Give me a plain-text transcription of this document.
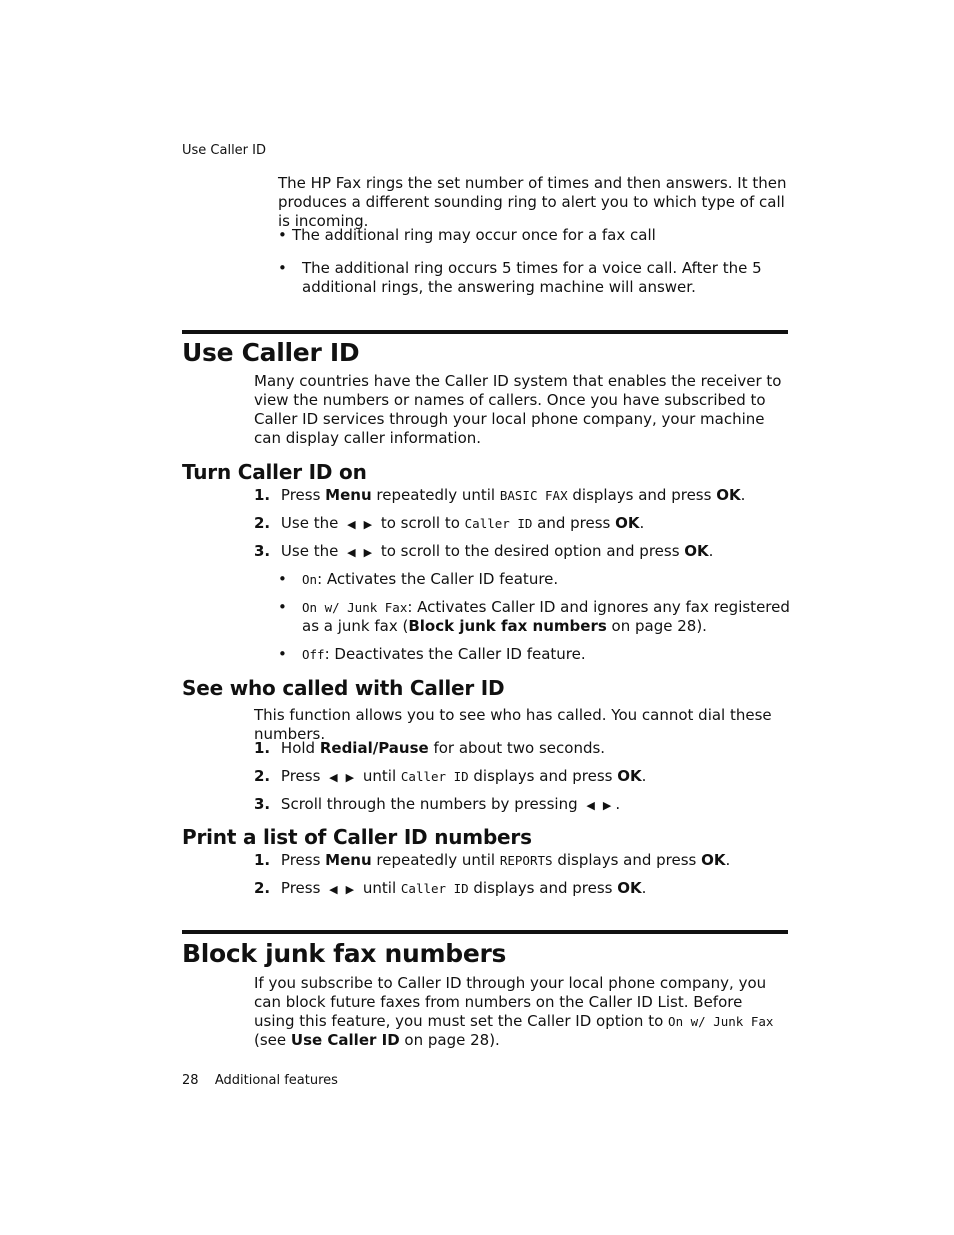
Use Caller ID
The HP Fax rings the set number of times and then answers. It then produces a different sounding ring to alert you to which type of call is incoming.
• The additional ring may occur once for a fax call
•	The additional ring occurs 5 times for a voice call. After the 5 additional rings, the answering machine will answer.
Use Caller ID
Many countries have the Caller ID system that enables the receiver to view the numbers or names of callers. Once you have subscribed to Caller ID services through your local phone company, your machine can display caller information.
Turn Caller ID on
1. Press Menu repeatedly until BASIC FAX displays and press OK.
2. Use the ◀ ▶ to scroll to Caller ID and press OK.
3. Use the ◀ ▶ to scroll to the desired option and press OK.
• On: Activates the Caller ID feature.
•	On w/ Junk Fax: Activates Caller ID and ignores any fax registered as a junk fax (Block junk fax numbers on page 28).
• Off: Deactivates the Caller ID feature.
See who called with Caller ID
This function allows you to see who has called. You cannot dial these numbers.
1. Hold Redial/Pause for about two seconds.
2. Press ◀ ▶ until Caller ID displays and press OK.
3. Scroll through the numbers by pressing ◀ ▶ .
Print a list of Caller ID numbers
1. Press Menu repeatedly until REPORTS displays and press OK.
2. Press ◀ ▶ until Caller ID displays and press OK.
Block junk fax numbers
If you subscribe to Caller ID through your local phone company, you can block future faxes from numbers on the Caller ID List. Before using this feature, you must set the Caller ID option to On w/ Junk Fax (see Use Caller ID on page 28).
28 Additional features
